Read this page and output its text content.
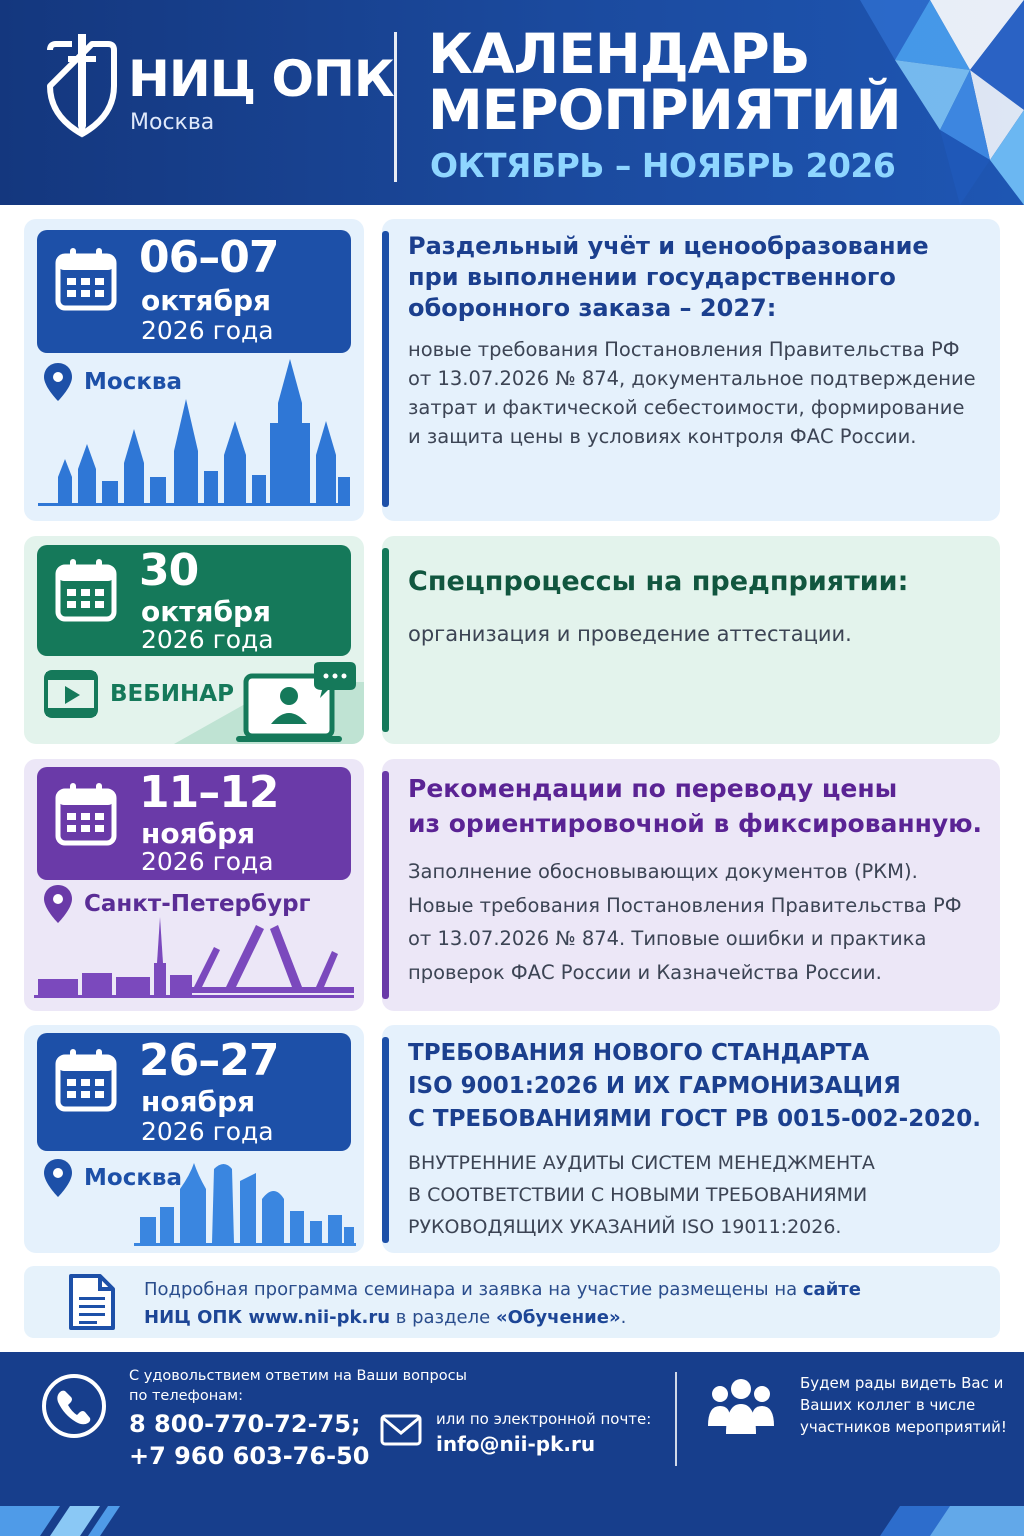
НИЦ ОПК
Москва
КАЛЕНДАРЬ
МЕРОПРИЯТИЙ
ОКТЯБРЬ – НОЯБРЬ 2026
06–07
октября
2026 года
Москва
Раздельный учёт и ценообразование
при выполнении государственного
оборонного заказа – 2027:
новые требования Постановления Правительства РФ
от 13.07.2026 № 874, документальное подтверждение
затрат и фактической себестоимости, формирование
и защита цены в условиях контроля ФАС России.
30
октября
2026 года
ВЕБИНАР
Спецпроцессы на предприятии:
организация и проведение аттестации.
11–12
ноября
2026 года
Санкт-Петербург
Рекомендации по переводу цены
из ориентировочной в фиксированную.
Заполнение обосновывающих документов (РКМ).
Новые требования Постановления Правительства РФ
от 13.07.2026 № 874. Типовые ошибки и практика
проверок ФАС России и Казначейства России.
26–27
ноября
2026 года
Москва
ТРЕБОВАНИЯ НОВОГО СТАНДАРТА
ISO 9001:2026 И ИХ ГАРМОНИЗАЦИЯ
С ТРЕБОВАНИЯМИ ГОСТ РВ 0015-002-2020.
ВНУТРЕННИЕ АУДИТЫ СИСТЕМ МЕНЕДЖМЕНТА
В СООТВЕТСТВИИ С НОВЫМИ ТРЕБОВАНИЯМИ
РУКОВОДЯЩИХ УКАЗАНИЙ ISO 19011:2026.
Подробная программа семинара и заявка на участие размещены на сайте
НИЦ ОПК www.nii-pk.ru в разделе «Обучение».
С удовольствием ответим на Ваши вопросы по телефонам:
8 800-770-72-75;
+7 960 603-76-50
или по электронной почте:
info@nii-pk.ru
Будем рады видеть Вас и Ваших коллег в числе участников мероприятий!
